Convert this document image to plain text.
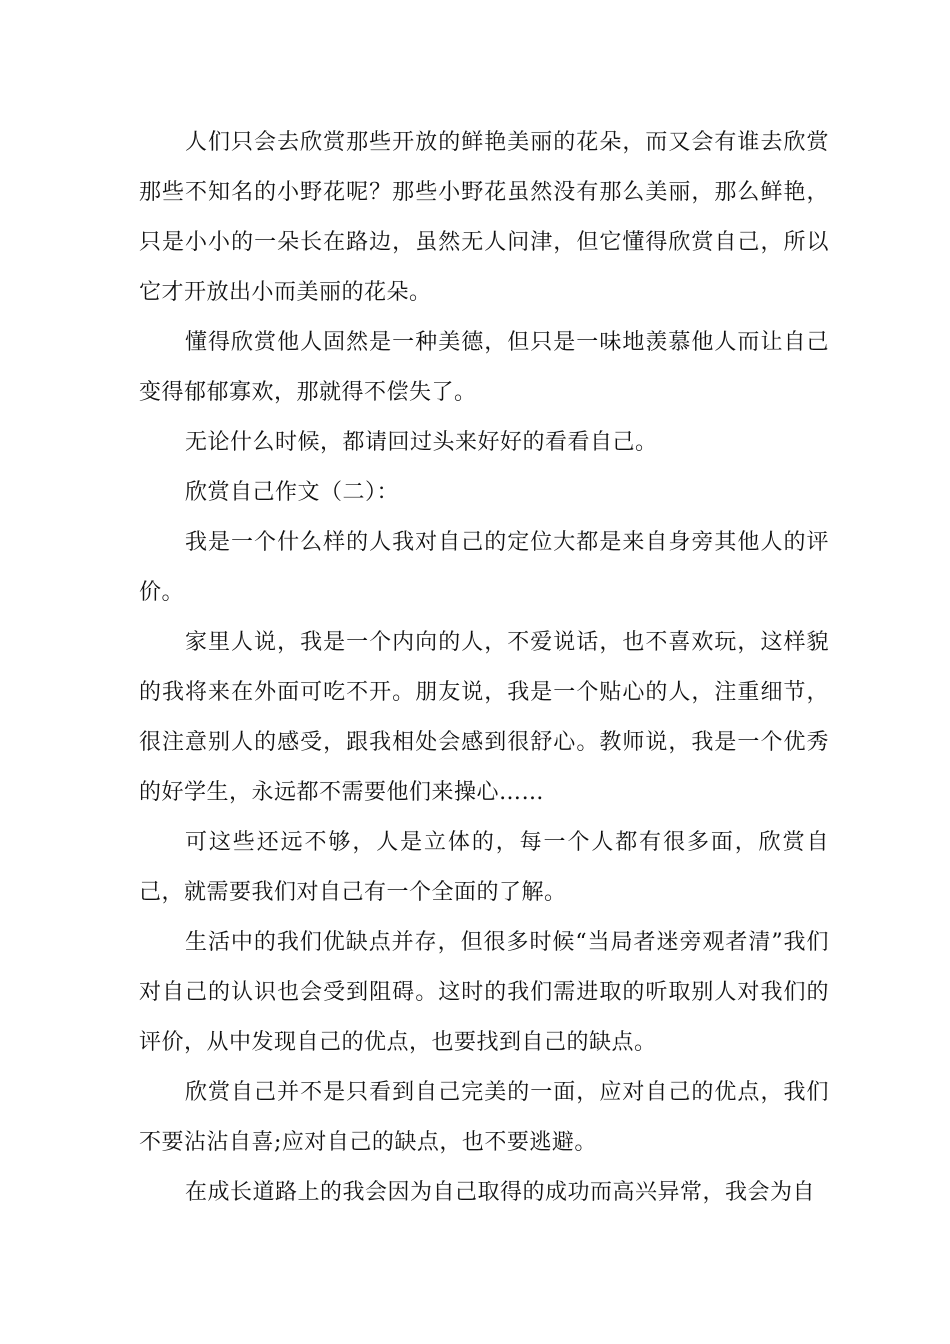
人们只会去欣赏那些开放的鲜艳美丽的花朵，而又会有谁去欣赏那些不知名的小野花呢？那些小野花虽然没有那么美丽，那么鲜艳，只是小小的一朵长在路边，虽然无人问津，但它懂得欣赏自己，所以它才开放出小而美丽的花朵。

懂得欣赏他人固然是一种美德，但只是一味地羡慕他人而让自己变得郁郁寡欢，那就得不偿失了。

无论什么时候，都请回过头来好好的看看自己。

欣赏自己作文（二）：

我是一个什么样的人我对自己的定位大都是来自身旁其他人的评价。

家里人说，我是一个内向的人，不爱说话，也不喜欢玩，这样貌的我将来在外面可吃不开。朋友说，我是一个贴心的人，注重细节，很注意别人的感受，跟我相处会感到很舒心。教师说，我是一个优秀的好学生，永远都不需要他们来操心……

可这些还远不够，人是立体的，每一个人都有很多面，欣赏自己，就需要我们对自己有一个全面的了解。

生活中的我们优缺点并存，但很多时候“当局者迷旁观者清”我们对自己的认识也会受到阻碍。这时的我们需进取的听取别人对我们的评价，从中发现自己的优点，也要找到自己的缺点。

欣赏自己并不是只看到自己完美的一面，应对自己的优点，我们不要沾沾自喜;应对自己的缺点，也不要逃避。

在成长道路上的我会因为自己取得的成功而高兴异常，我会为自
